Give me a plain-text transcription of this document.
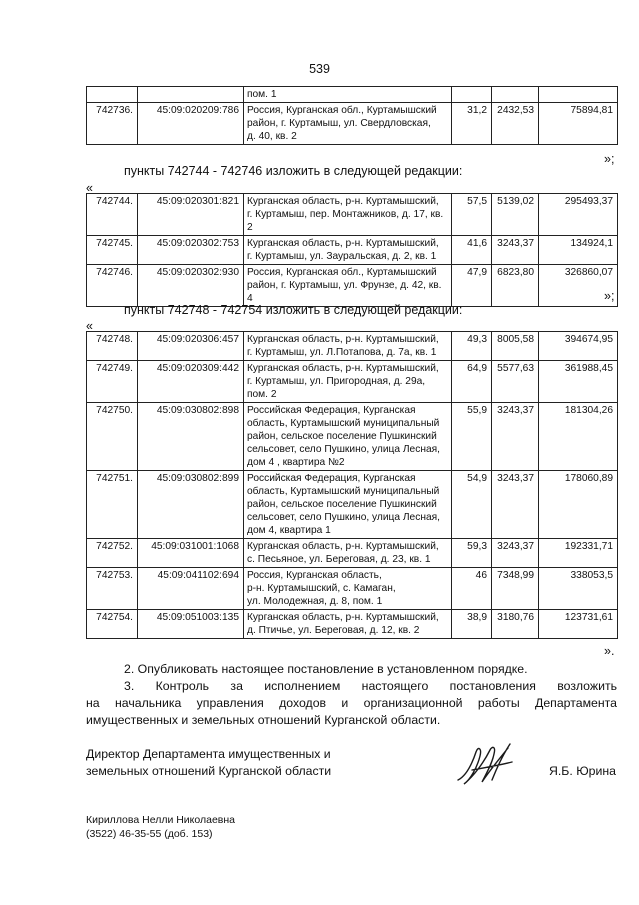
539

		пом. 1			

742736.	45:09:020209:786	Россия, Курганская обл., Куртамышский
район, г. Куртамыш, ул. Свердловская,
д. 40, кв. 2	31,2	2432,53	75894,81
»;
пункты 742744 - 742746 изложить в следующей редакции:
«
742744.	45:09:020301:821	Курганская область, р-н. Куртамышский,
г. Куртамыш, пер. Монтажников, д. 17, кв. 2	57,5	5139,02	295493,37
742745.	45:09:020302:753	Курганская область, р-н. Куртамышский,
г. Куртамыш, ул. Зауральская, д. 2, кв. 1	41,6	3243,37	134924,1
742746.	45:09:020302:930	Россия, Курганская обл., Куртамышский
район, г. Куртамыш, ул. Фрунзе, д. 42, кв. 4	47,9	6823,80	326860,07
»;
пункты 742748 - 742754 изложить в следующей редакции:
«
742748.	45:09:020306:457	Курганская область, р-н. Куртамышский,
г. Куртамыш, ул. Л.Потапова, д. 7а, кв. 1	49,3	8005,58	394674,95
742749.	45:09:020309:442	Курганская область, р-н. Куртамышский,
г. Куртамыш, ул. Пригородная, д. 29а,
пом. 2	64,9	5577,63	361988,45
742750.	45:09:030802:898	Российская Федерация, Курганская
область, Куртамышский муниципальный
район, сельское поселение Пушкинский
сельсовет, село Пушкино, улица Лесная,
дом 4 , квартира №2	55,9	3243,37	181304,26
742751.	45:09:030802:899	Российская Федерация, Курганская
область, Куртамышский муниципальный
район, сельское поселение Пушкинский
сельсовет, село Пушкино, улица Лесная,
дом 4, квартира 1	54,9	3243,37	178060,89
742752.	45:09:031001:1068	Курганская область, р-н. Куртамышский,
с. Песьяное, ул. Береговая, д. 23, кв. 1	59,3	3243,37	192331,71
742753.	45:09:041102:694	Россия, Курганская область,
р-н. Куртамышский, с. Камаган,
ул. Молодежная, д. 8, пом. 1	46	7348,99	338053,5
742754.	45:09:051003:135	Курганская область, р-н. Куртамышский,
д. Птичье, ул. Береговая, д. 12, кв. 2	38,9	3180,76	123731,61
».
2. Опубликовать настоящее постановление в установленном порядке.
3. Контроль за исполнением настоящего постановления возложить
на начальника управления доходов и организационной работы Департамента
имущественных и земельных отношений Курганской области.
Директор Департамента имущественных и
земельных отношений Курганской области	Я.Б. Юрина
Кириллова Нелли Николаевна
(3522) 46-35-55 (доб. 153)
